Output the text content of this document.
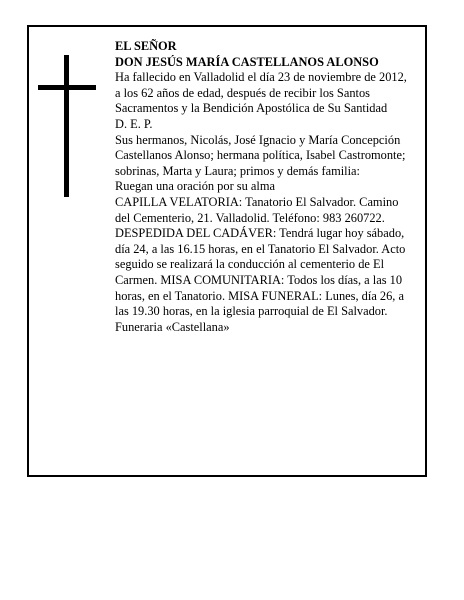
EL SEÑOR

DON JESÚS MARÍA CASTELLANOS ALONSO

Ha fallecido en Valladolid el día 23 de noviembre de 2012, a los 62 años de edad, después de recibir los Santos Sacramentos y la Bendición Apostólica de Su Santidad

D. E. P.

Sus hermanos, Nicolás, José Ignacio y María Concepción Castellanos Alonso; hermana política, Isabel Castromonte; sobrinas, Marta y Laura; primos y demás familia:

Ruegan una oración por su alma

CAPILLA VELATORIA: Tanatorio El Salvador. Camino del Cementerio, 21. Valladolid. Teléfono: 983 260722.

DESPEDIDA DEL CADÁVER: Tendrá lugar hoy sábado, día 24, a las 16.15 horas, en el Tanatorio El Salvador. Acto seguido se realizará la conducción al cementerio de El Carmen. MISA COMUNITARIA: Todos los días, a las 10 horas, en el Tanatorio. MISA FUNERAL: Lunes, día 26, a las 19.30 horas, en la iglesia parroquial de El Salvador.

Funeraria «Castellana»
